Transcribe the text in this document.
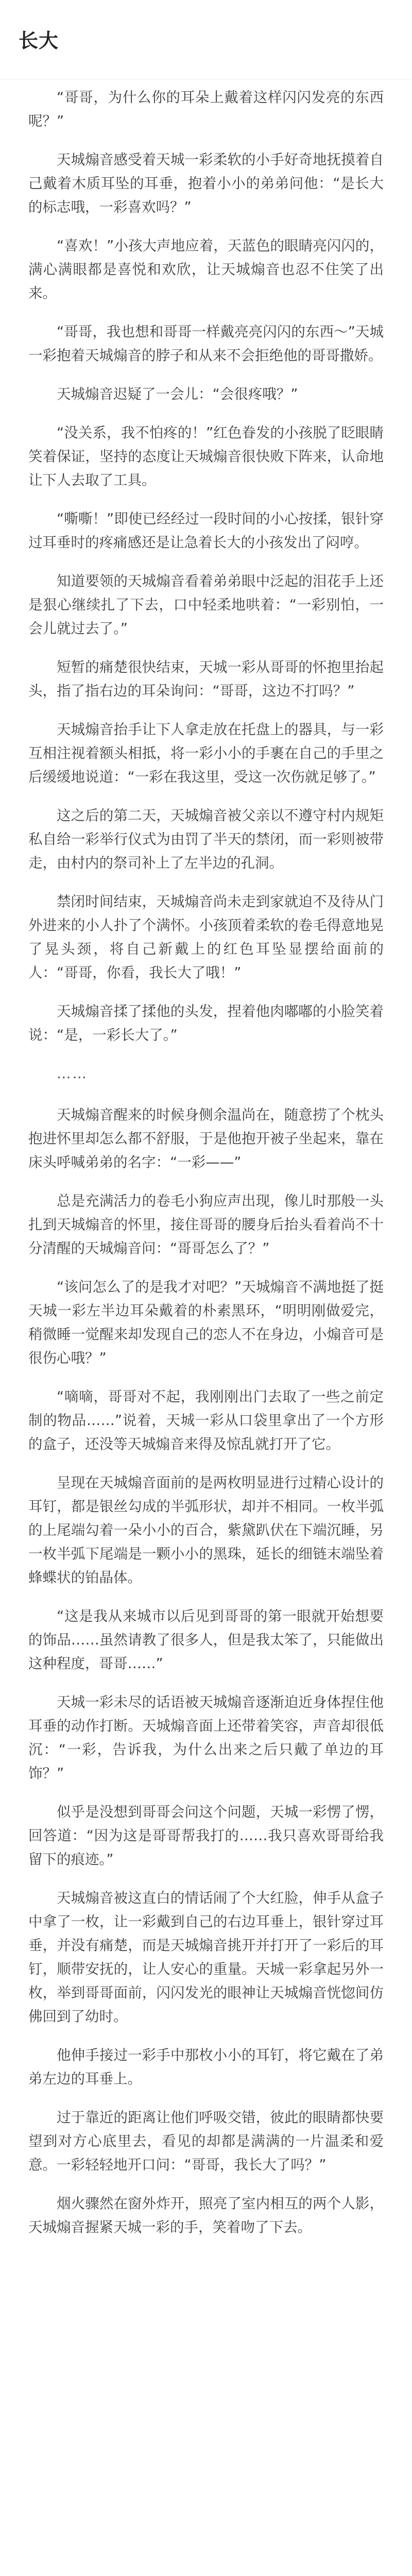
长大

“哥哥，为什么你的耳朵上戴着这样闪闪发亮的东西呢？”

天城煽音感受着天城一彩柔软的小手好奇地抚摸着自己戴着木质耳坠的耳垂，抱着小小的弟弟问他：“是长大的标志哦，一彩喜欢吗？”

“喜欢！”小孩大声地应着，天蓝色的眼睛亮闪闪的，满心满眼都是喜悦和欢欣，让天城煽音也忍不住笑了出来。

“哥哥，我也想和哥哥一样戴亮亮闪闪的东西～”天城一彩抱着天城煽音的脖子和从来不会拒绝他的哥哥撒娇。

天城煽音迟疑了一会儿：“会很疼哦？”

“没关系，我不怕疼的！”红色眷发的小孩脱了眨眼睛笑着保证，坚持的态度让天城煽音很快败下阵来，认命地让下人去取了工具。

“嘶嘶！”即使已经经过一段时间的小心按揉，银针穿过耳垂时的疼痛感还是让急着长大的小孩发出了闷哼。

知道要领的天城煽音看着弟弟眼中泛起的泪花手上还是狠心继续扎了下去，口中轻柔地哄着：“一彩别怕，一会儿就过去了。”

短暂的痛楚很快结束，天城一彩从哥哥的怀抱里抬起头，指了指右边的耳朵询问：“哥哥，这边不打吗？”

天城煽音抬手让下人拿走放在托盘上的器具，与一彩互相注视着额头相抵，将一彩小小的手裹在自己的手里之后缓缓地说道：“一彩在我这里，受这一次伤就足够了。”

这之后的第二天，天城煽音被父亲以不遵守村内规矩私自给一彩举行仪式为由罚了半天的禁闭，而一彩则被带走，由村内的祭司补上了左半边的孔洞。

禁闭时间结束，天城煽音尚未走到家就迫不及待从门外进来的小人扑了个满怀。小孩顶着柔软的卷毛得意地晃了晃头颈，将自己新戴上的红色耳坠显摆给面前的人：“哥哥，你看，我长大了哦！”

天城煽音揉了揉他的头发，捏着他肉嘟嘟的小脸笑着说：“是，一彩长大了。”

……

天城煽音醒来的时候身侧余温尚在，随意捞了个枕头抱进怀里却怎么都不舒服，于是他抱开被子坐起来，靠在床头呼喊弟弟的名字：“一彩——”

总是充满活力的卷毛小狗应声出现，像儿时那般一头扎到天城煽音的怀里，接住哥哥的腰身后抬头看着尚不十分清醒的天城煽音问：“哥哥怎么了？”

“该问怎么了的是我才对吧？”天城煽音不满地挺了挺天城一彩左半边耳朵戴着的朴素黑环，“明明刚做爱完，稍微睡一觉醒来却发现自己的恋人不在身边，小煽音可是很伤心哦？”

“嘀嘀，哥哥对不起，我刚刚出门去取了一些之前定制的物品……”说着，天城一彩从口袋里拿出了一个方形的盒子，还没等天城煽音来得及惊乱就打开了它。

呈现在天城煽音面前的是两枚明显进行过精心设计的耳钉，都是银丝勾成的半弧形状，却并不相同。一枚半弧的上尾端勾着一朵小小的百合，紫黛趴伏在下端沉睡，另一枚半弧下尾端是一颗小小的黑珠，延长的细链末端坠着蜂蝶状的铂晶体。

“这是我从来城市以后见到哥哥的第一眼就开始想要的饰品……虽然请教了很多人，但是我太笨了，只能做出这种程度，哥哥……”

天城一彩未尽的话语被天城煽音逐渐迫近身体捏住他耳垂的动作打断。天城煽音面上还带着笑容，声音却很低沉：“一彩，告诉我，为什么出来之后只戴了单边的耳饰？”

似乎是没想到哥哥会问这个问题，天城一彩愣了愣，回答道：“因为这是哥哥帮我打的……我只喜欢哥哥给我留下的痕迹。”

天城煽音被这直白的情话闹了个大红脸，伸手从盒子中拿了一枚，让一彩戴到自己的右边耳垂上，银针穿过耳垂，并没有痛楚，而是天城煽音挑开并打开了一彩后的耳钉，顺带安抚的，让人安心的重量。天城一彩拿起另外一枚，举到哥哥面前，闪闪发光的眼神让天城煽音恍惚间仿佛回到了幼时。

他伸手接过一彩手中那枚小小的耳钉，将它戴在了弟弟左边的耳垂上。

过于靠近的距离让他们呼吸交错，彼此的眼睛都快要望到对方心底里去，看见的却都是满满的一片温柔和爱意。一彩轻轻地开口问：“哥哥，我长大了吗？”

烟火骤然在窗外炸开，照亮了室内相互的两个人影，天城煽音握紧天城一彩的手，笑着吻了下去。
